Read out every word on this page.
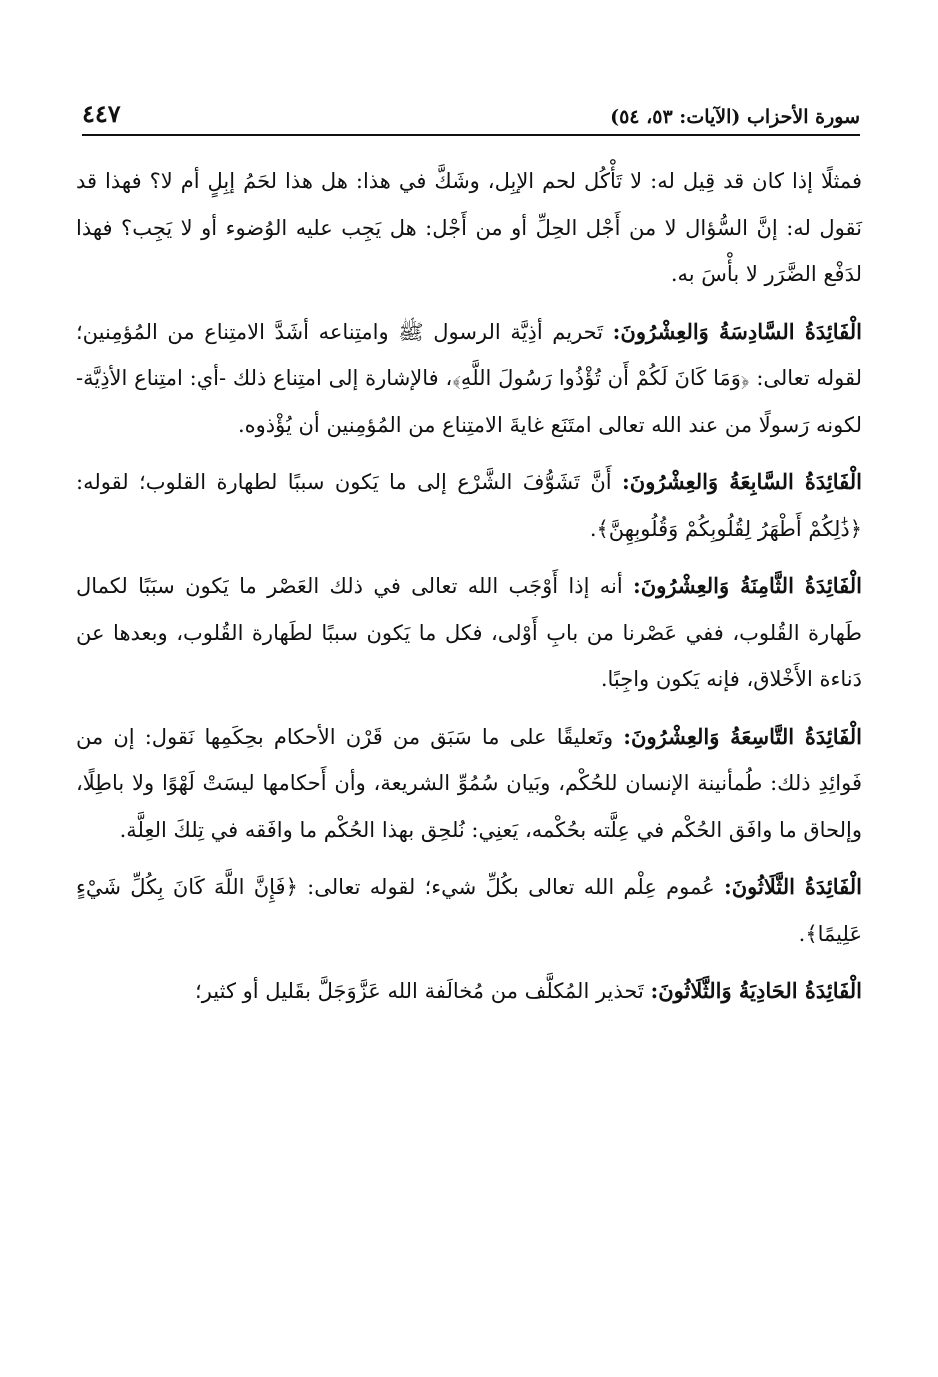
٤٤٧	سورة الأحزاب (الآيات: ٥٣، ٥٤)

فمثلًا إذا كان قد قِيل له: لا تَأْكُل لحم الإبِل، وشَكَّ في هذا: هل هذا لحَمُ إبِلٍ أم لا؟ فهذا قد نَقول له: إنَّ السُّؤال لا من أَجْل الحِلِّ أو من أَجْل: هل يَجِب عليه الوُضوء أو لا يَجِب؟ فهذا لدَفْع الضَّرَر لا بأْسَ به.

الْفَائِدَةُ السَّادِسَةُ وَالعِشْرُونَ: تَحريم أذِيَّة الرسول ﷺ وامتِناعه أشَدَّ الامتِناع من المُؤمِنين؛ لقوله تعالى: ﴿وَمَا كَانَ لَكُمْ أَن تُؤْذُوا رَسُولَ اللَّهِ﴾، فالإشارة إلى امتِناع ذلك -أي: امتِناع الأذِيَّة- لكونه رَسولًا من عند الله تعالى امتَنَع غايةَ الامتِناع من المُؤمِنين أن يُؤْذوه.

الْفَائِدَةُ السَّابِعَةُ وَالعِشْرُونَ: أَنَّ تَشَوُّفَ الشَّرْع إلى ما يَكون سببًا لطهارة القلوب؛ لقوله: ﴿ذَٰلِكُمْ أَطْهَرُ لِقُلُوبِكُمْ وَقُلُوبِهِنَّ﴾.

الْفَائِدَةُ الثَّامِنَةُ وَالعِشْرُونَ: أنه إذا أَوْجَب الله تعالى في ذلك العَصْر ما يَكون سبَبًا لكمال طَهارة القُلوب، ففي عَصْرنا من بابِ أَوْلى، فكل ما يَكون سببًا لطَهارة القُلوب، وبعدها عن دَناءة الأَخْلاق، فإنه يَكون واجِبًا.

الْفَائِدَةُ التَّاسِعَةُ وَالعِشْرُونَ: وتَعليقًا على ما سَبَق من قَرْن الأحكام بحِكَمِها نَقول: إن من فَوائِدِ ذلك: طُمأنينة الإنسان للحُكْم، وبَيان سُمُوِّ الشريعة، وأن أَحكامها ليسَتْ لَهْوًا ولا باطِلًا، وإلحاق ما وافَق الحُكْم في عِلَّته بحُكْمه، يَعنِي: نُلحِق بهذا الحُكْم ما وافَقه في تِلكَ العِلَّة.

الْفَائِدَةُ الثَّلَاثُونَ: عُموم عِلْم الله تعالى بكُلِّ شيء؛ لقوله تعالى: ﴿فَإِنَّ اللَّهَ كَانَ بِكُلِّ شَيْءٍ عَلِيمًا﴾.

الْفَائِدَةُ الحَادِيَةُ وَالثَّلَاثُونَ: تَحذير المُكلَّف من مُخالَفة الله عَزَّوَجَلَّ بقَليل أو كثير؛
